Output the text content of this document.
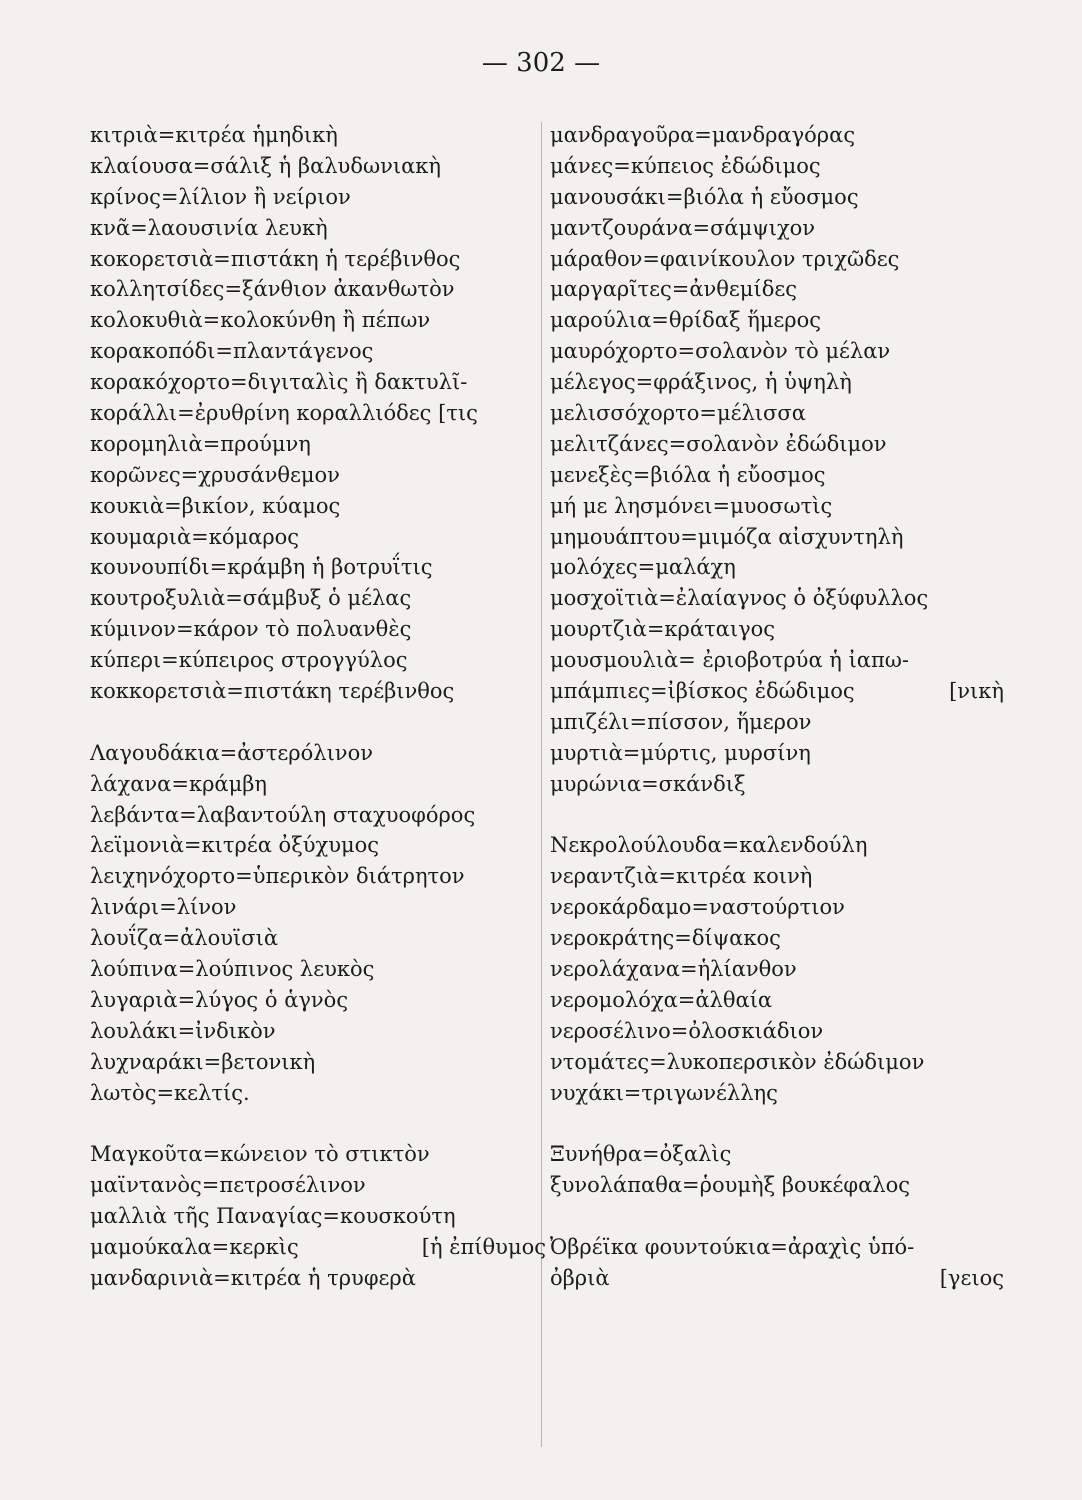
— 302 —
κιτριὰ=κιτρέα ἡμηδικὴ
κλαίουσα=σάλιξ ἡ βαλυδωνιακὴ
κρίνος=λίλιον ἢ νείριον
κνᾶ=λαουσινία λευκὴ
κοκορετσιὰ=πιστάκη ἡ τερέβινθος
κολλητσίδες=ξάνθιον ἀκανθωτὸν
κολοκυθιὰ=κολοκύνθη ἢ πέπων
κορακοπόδι=πλαντάγενος
κορακόχορτο=διγιταλὶς ἢ δακτυλῖ-
κοράλλι=ἐρυθρίνη κοραλλιόδες [τις
κορομηλιὰ=προύμνη
κορῶνες=χρυσάνθεμον
κουκιὰ=βικίον, κύαμος
κουμαριὰ=κόμαρος
κουνουπίδι=κράμβη ἡ βοτρυΐτις
κουτροξυλιὰ=σάμβυξ ὁ μέλας
κύμινον=κάρον τὸ πολυανθὲς
κύπερι=κύπειρος στρογγύλος
κοκκορετσιὰ=πιστάκη τερέβινθος
Λαγουδάκια=ἀστερόλινον
λάχανα=κράμβη
λεβάντα=λαβαντούλη σταχυοφόρος
λεϊμονιὰ=κιτρέα ὀξύχυμος
λειχηνόχορτο=ὑπερικὸν διάτρητον
λινάρι=λίνον
λουΐζα=ἀλουϊσιὰ
λούπινα=λούπινος λευκὸς
λυγαριὰ=λύγος ὁ ἁγνὸς
λουλάκι=ἰνδικὸν
λυχναράκι=βετονικὴ
λωτὸς=κελτίς.
Μαγκοῦτα=κώνειον τὸ στικτὸν
μαϊντανὸς=πετροσέλινον
μαλλιὰ τῆς Παναγίας=κουσκούτη
μαμούκαλα=κερκὶς	[ἡ ἐπίθυμος
μανδαρινιὰ=κιτρέα ἡ τρυφερὰ
μανδραγοῦρα=μανδραγόρας
μάνες=κύπειος ἐδώδιμος
μανουσάκι=βιόλα ἡ εὔοσμος
μαντζουράνα=σάμψιχον
μάραθον=φαινίκουλον τριχῶδες
μαργαρῖτες=ἀνθεμίδες
μαρούλια=θρίδαξ ἥμερος
μαυρόχορτο=σολανὸν τὸ μέλαν
μέλεγος=φράξινος, ἡ ὑψηλὴ
μελισσόχορτο=μέλισσα
μελιτζάνες=σολανὸν ἐδώδιμον
μενεξὲς=βιόλα ἡ εὔοσμος
μή με λησμόνει=μυοσωτὶς
μημουάπτου=μιμόζα αἰσχυντηλὴ
μολόχες=μαλάχη
μοσχοϊτιὰ=ἐλαίαγνος ὁ ὀξύφυλλος
μουρτζιὰ=κράταιγος
μουσμουλιὰ= ἐριοβοτρύα ἡ ἰαπω-
μπάμπιες=ἰβίσκος ἐδώδιμος	[νικὴ
μπιζέλι=πίσσον, ἥμερον
μυρτιὰ=μύρτις, μυρσίνη
μυρώνια=σκάνδιξ
Νεκρολούλουδα=καλενδούλη
νεραντζιὰ=κιτρέα κοινὴ
νεροκάρδαμο=ναστούρτιον
νεροκράτης=δίψακος
νερολάχανα=ἡλίανθον
νερομολόχα=ἀλθαία
νεροσέλινο=ὀλοσκιάδιον
ντομάτες=λυκοπερσικὸν ἐδώδιμον
νυχάκι=τριγωνέλλης
Ξυνήθρα=ὀξαλὶς
ξυνολάπαθα=ῥουμὴξ βουκέφαλος
Ὀβρέϊκα φουντούκια=ἀραχὶς ὑπό-
ὀβριὰ	[γειος
